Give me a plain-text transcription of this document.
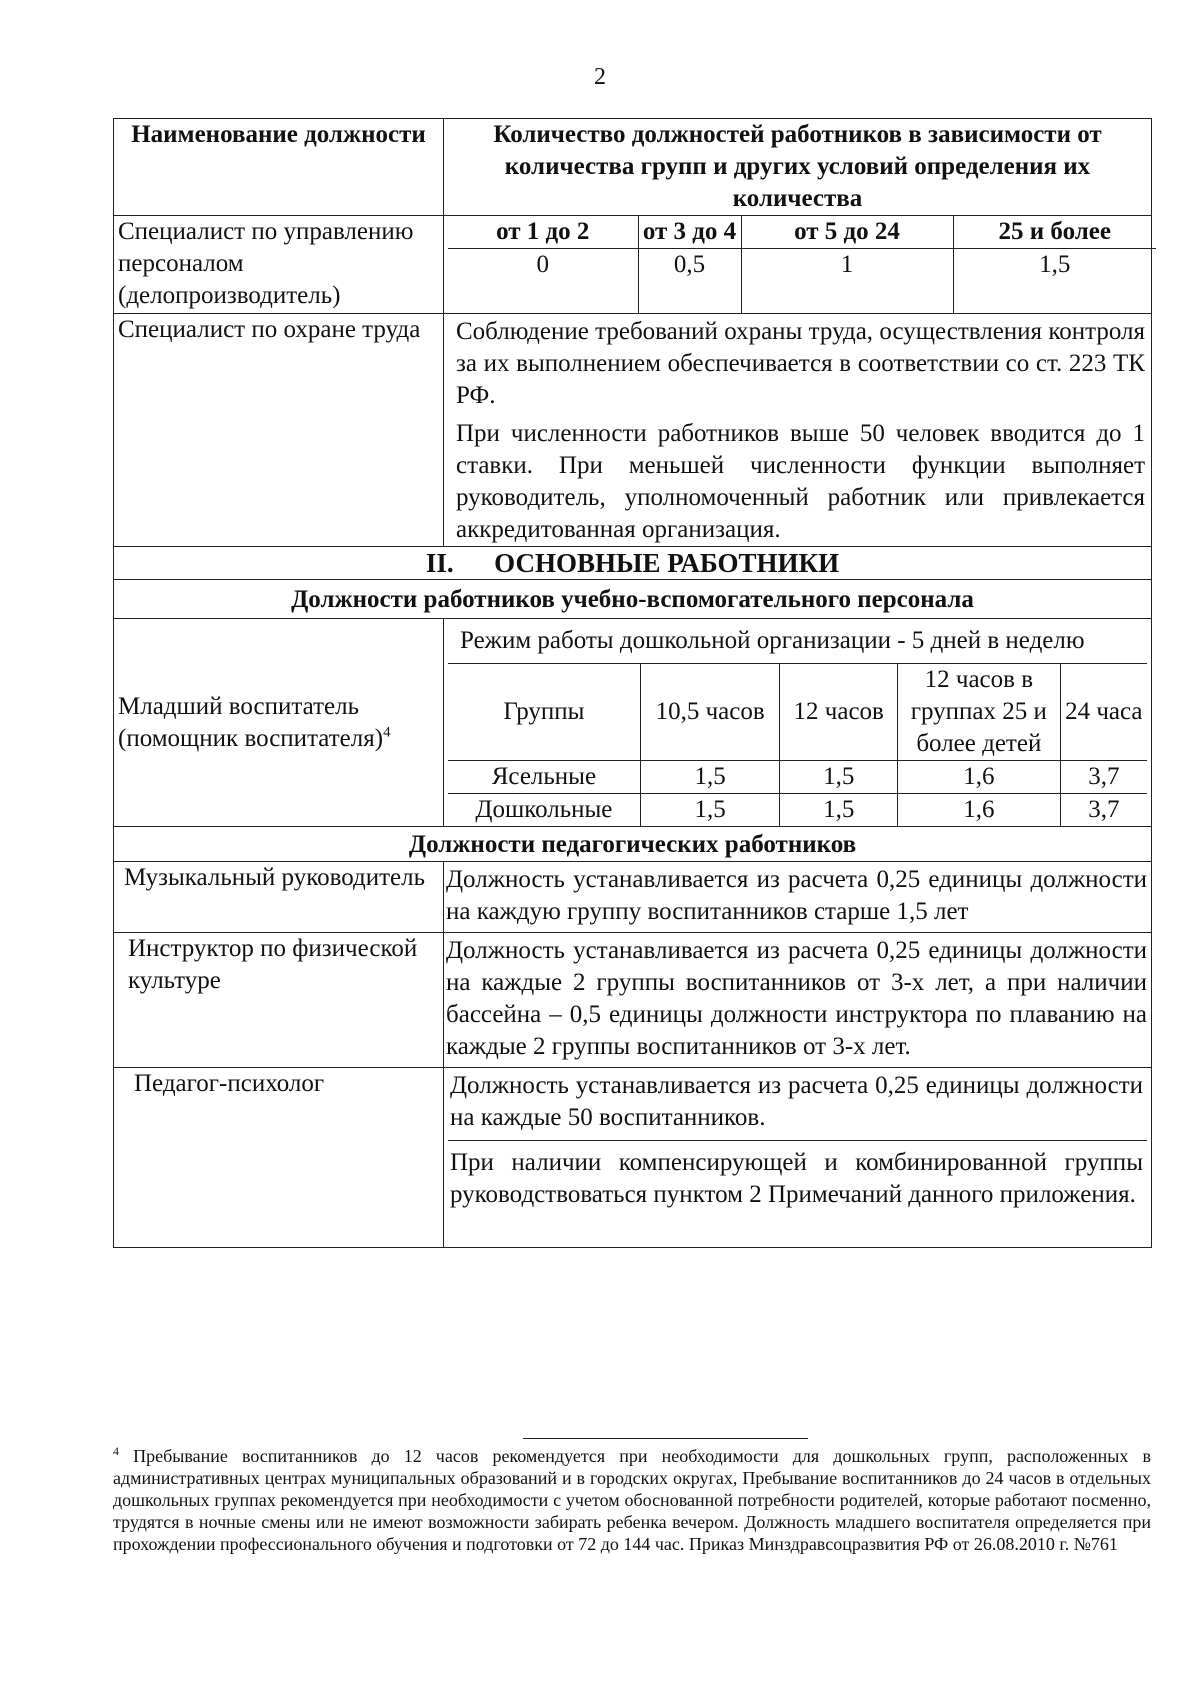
2
Наименование должности	Количество должностей работников в зависимости от количества групп и других условий определения их количества
Специалист по управлению персоналом (делопроизводитель)	
от 1 до 2	от 3 до 4	от 5 до 24	25 и более
0	0,5	1	1,5

Специалист по охране труда	Соблюдение требований охраны труда, осуществления контроля за их выполнением обеспечивается в соответствии со ст. 223 ТК РФ.

При численности работников выше 50 человек вводится до 1 ставки. При меньшей численности функции выполняет руководитель, уполномоченный работник или привлекается аккредитованная организация.

II. ОСНОВНЫЕ РАБОТНИКИ
Должности работников учебно-вспомогательного персонала
Младший воспитатель (помощник воспитателя)$^4$	
Режим работы дошкольной организации - 5 дней в неделю
Группы	10,5 часов	12 часов	12 часов в группах 25 и более детей	24 часа
Ясельные	1,5	1,5	1,6	3,7
Дошкольные	1,5	1,5	1,6	3,7

Должности педагогических работников
Музыкальный руководитель	Должность устанавливается из расчета 0,25 единицы должности на каждую группу воспитанников старше 1,5 лет

Инструктор по физической культуре
	Должность устанавливается из расчета 0,25 единицы должности на каждые 2 группы воспитанников от 3-х лет, а при наличии бассейна – 0,5 единицы должности инструктора по плаванию на каждые 2 группы воспитанников от 3-х лет.
Педагог-психолог	Должность устанавливается из расчета 0,25 единицы должности на каждые 50 воспитанников.
При наличии компенсирующей и комбинированной группы руководствоваться пунктом 2 Примечаний данного приложения.
$^4$ Пребывание воспитанников до 12 часов рекомендуется при необходимости для дошкольных групп, расположенных в административных центрах муниципальных образований и в городских округах, Пребывание воспитанников до 24 часов в отдельных дошкольных группах рекомендуется при необходимости с учетом обоснованной потребности родителей, которые работают посменно, трудятся в ночные смены или не имеют возможности забирать ребенка вечером. Должность младшего воспитателя определяется при прохождении профессионального обучения и подготовки от 72 до 144 час. Приказ Минздравсоцразвития РФ от 26.08.2010 г. №761
